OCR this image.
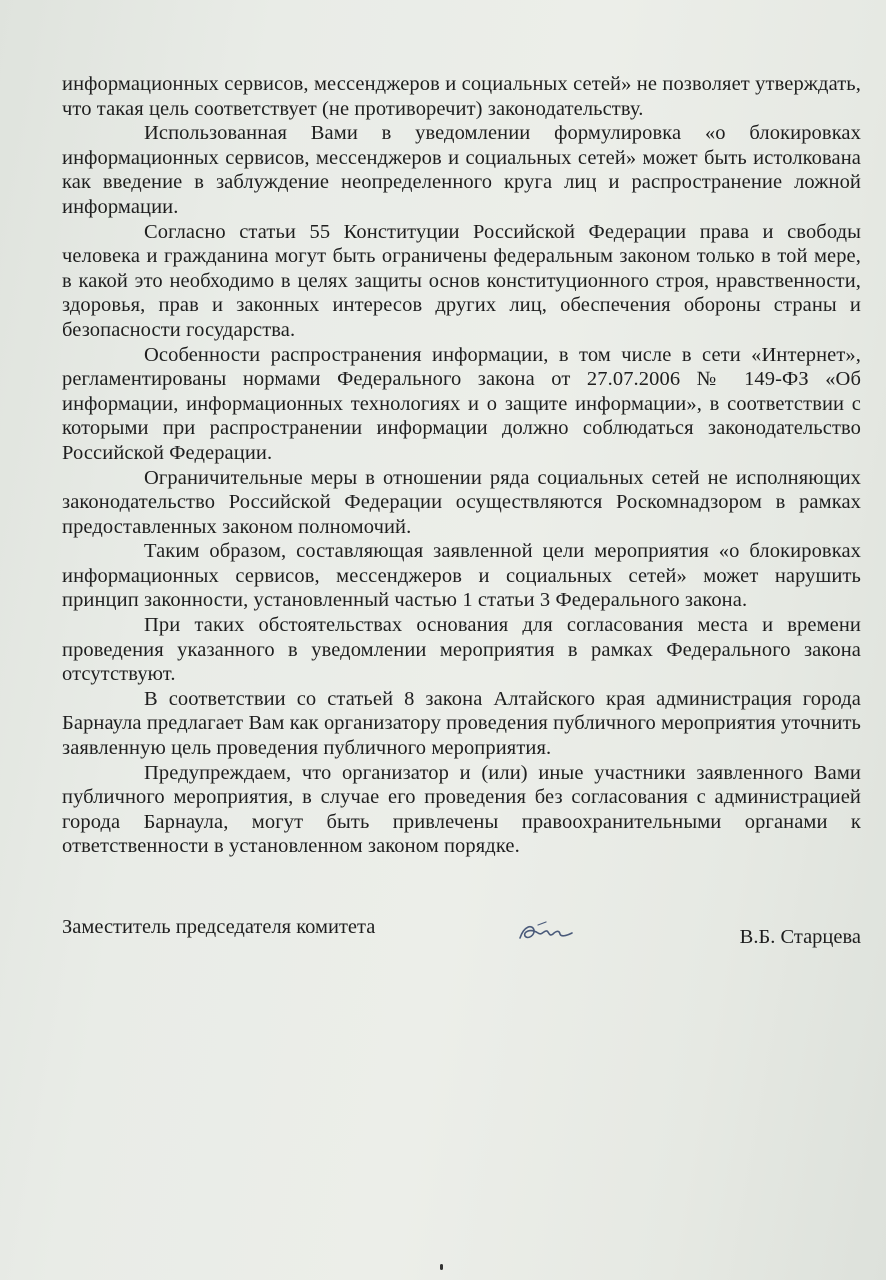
информационных сервисов, мессенджеров и социальных сетей» не позволяет утверждать, что такая цель соответствует (не противоречит) законодательству.

Использованная Вами в уведомлении формулировка «о блокировках информационных сервисов, мессенджеров и социальных сетей» может быть истолкована как введение в заблуждение неопределенного круга лиц и распространение ложной информации.

Согласно статьи 55 Конституции Российской Федерации права и свободы человека и гражданина могут быть ограничены федеральным законом только в той мере, в какой это необходимо в целях защиты основ конституционного строя, нравственности, здоровья, прав и законных интересов других лиц, обеспечения обороны страны и безопасности государства.

Особенности распространения информации, в том числе в сети «Интернет», регламентированы нормами Федерального закона от 27.07.2006 № 149-ФЗ «Об информации, информационных технологиях и о защите информации», в соответствии с которыми при распространении информации должно соблюдаться законодательство Российской Федерации.

Ограничительные меры в отношении ряда социальных сетей не исполняющих законодательство Российской Федерации осуществляются Роскомнадзором в рамках предоставленных законом полномочий.

Таким образом, составляющая заявленной цели мероприятия «о блокировках информационных сервисов, мессенджеров и социальных сетей» может нарушить принцип законности, установленный частью 1 статьи 3 Федерального закона.

При таких обстоятельствах основания для согласования места и времени проведения указанного в уведомлении мероприятия в рамках Федерального закона отсутствуют.

В соответствии со статьей 8 закона Алтайского края администрация города Барнаула предлагает Вам как организатору проведения публичного мероприятия уточнить заявленную цель проведения публичного мероприятия.

Предупреждаем, что организатор и (или) иные участники заявленного Вами публичного мероприятия, в случае его проведения без согласования с администрацией города Барнаула, могут быть привлечены правоохранительными органами к ответственности в установленном законом порядке.

Заместитель председателя комитета	В.Б. Старцева
